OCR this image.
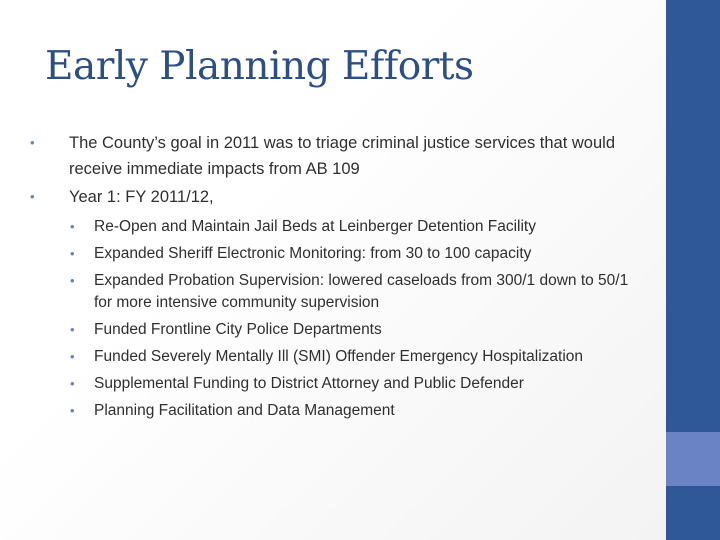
Early Planning Efforts
• The County’s goal in 2011 was to triage criminal justice services that would receive immediate impacts from AB 109
• Year 1: FY 2011/12,
• Re-Open and Maintain Jail Beds at Leinberger Detention Facility
• Expanded Sheriff Electronic Monitoring: from 30 to 100 capacity
• Expanded Probation Supervision: lowered caseloads from 300/1 down to 50/1 for more intensive community supervision
• Funded Frontline City Police Departments
• Funded Severely Mentally Ill (SMI) Offender Emergency Hospitalization
• Supplemental Funding to District Attorney and Public Defender
• Planning Facilitation and Data Management
